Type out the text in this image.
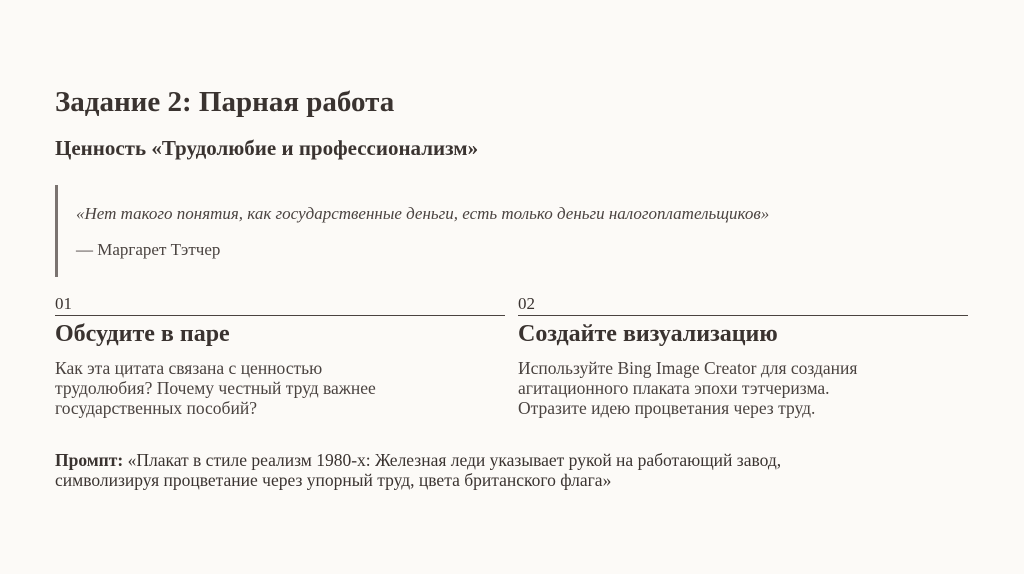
Задание 2: Парная работа
Ценность «Трудолюбие и профессионализм»
«Нет такого понятия, как государственные деньги, есть только деньги налогоплательщиков»
— Маргарет Тэтчер
01
Обсудите в паре
Как эта цитата связана с ценностью
трудолюбия? Почему честный труд важнее
государственных пособий?
02
Создайте визуализацию
Используйте Bing Image Creator для создания
агитационного плаката эпохи тэтчеризма.
Отразите идею процветания через труд.
Промпт: «Плакат в стиле реализм 1980-х: Железная леди указывает рукой на работающий завод,
символизируя процветание через упорный труд, цвета британского флага»
